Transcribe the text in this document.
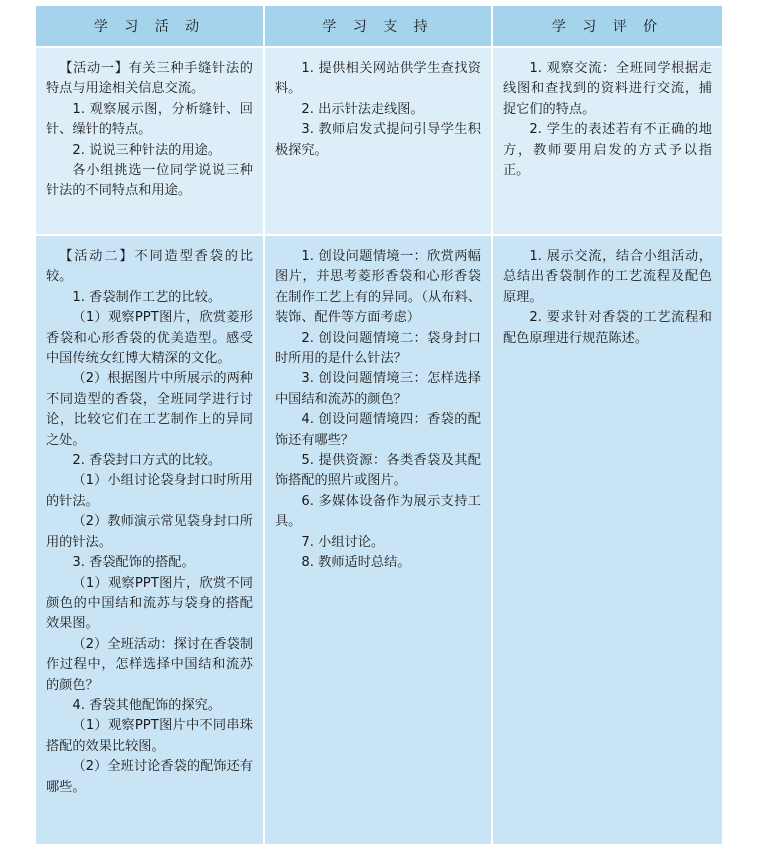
学 习 活 动	学 习 支 持	学 习 评 价

【活动一】有关三种手缝针法的特点与用途相关信息交流。

1. 观察展示图，分析缝针、回针、缲针的特点。

2. 说说三种针法的用途。

各小组挑选一位同学说说三种针法的不同特点和用途。

1. 提供相关网站供学生查找资料。

2. 出示针法走线图。

3. 教师启发式提问引导学生积极探究。

1. 观察交流：全班同学根据走线图和查找到的资料进行交流，捕捉它们的特点。

2. 学生的表述若有不正确的地方，教师要用启发的方式予以指正。

【活动二】不同造型香袋的比较。

1. 香袋制作工艺的比较。

（1）观察PPT图片，欣赏菱形香袋和心形香袋的优美造型。感受中国传统女红博大精深的文化。

（2）根据图片中所展示的两种不同造型的香袋，全班同学进行讨论，比较它们在工艺制作上的异同之处。

2. 香袋封口方式的比较。

（1）小组讨论袋身封口时所用的针法。

（2）教师演示常见袋身封口所用的针法。

3. 香袋配饰的搭配。

（1）观察PPT图片，欣赏不同颜色的中国结和流苏与袋身的搭配效果图。

（2）全班活动：探讨在香袋制作过程中，怎样选择中国结和流苏的颜色？

4. 香袋其他配饰的探究。

（1）观察PPT图片中不同串珠搭配的效果比较图。

（2）全班讨论香袋的配饰还有哪些。

1. 创设问题情境一：欣赏两幅图片，并思考菱形香袋和心形香袋在制作工艺上有的异同。（从布料、装饰、配件等方面考虑）

2. 创设问题情境二：袋身封口时所用的是什么针法？

3. 创设问题情境三：怎样选择中国结和流苏的颜色？

4. 创设问题情境四：香袋的配饰还有哪些？

5. 提供资源：各类香袋及其配饰搭配的照片或图片。

6. 多媒体设备作为展示支持工具。

7. 小组讨论。

8. 教师适时总结。

1. 展示交流，结合小组活动，总结出香袋制作的工艺流程及配色原理。

2. 要求针对香袋的工艺流程和配色原理进行规范陈述。
